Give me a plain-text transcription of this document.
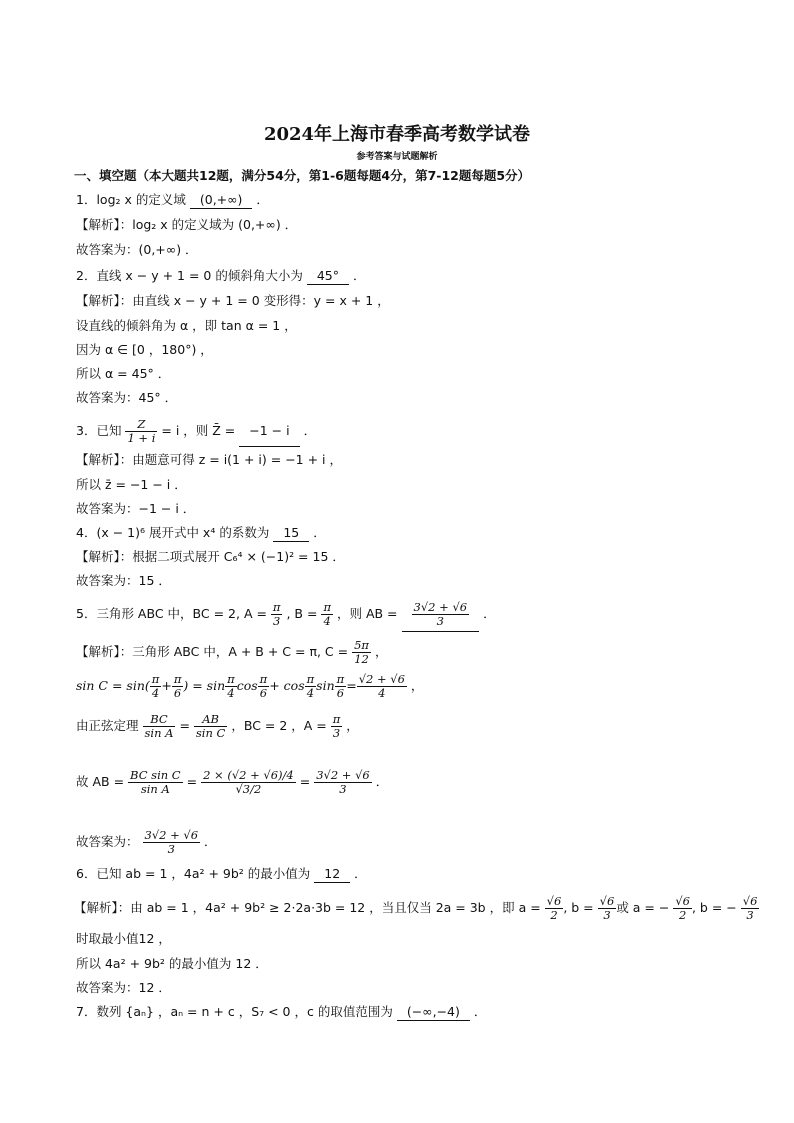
2024年上海市春季高考数学试卷
参考答案与试题解析
一、填空题（本大题共12题，满分54分，第1-6题每题4分，第7-12题每题5分）
1．log₂ x 的定义域 (0,+∞) ．
【解析】：log₂ x 的定义域为 (0,+∞) ．
故答案为：(0,+∞) ．
2．直线 x − y + 1 = 0 的倾斜角大小为 45° ．
【解析】：由直线 x − y + 1 = 0 变形得：y = x + 1 ，
设直线的倾斜角为 α ，即 tan α = 1 ，
因为 α ∈ [0 ，180°) ，
所以 α = 45° ．
故答案为：45° ．
3．已知 $\frac{Z}{1 + i} = i$ ，则 Z̄ = −1 − i ．
【解析】：由题意可得 z = i(1 + i) = −1 + i ，
所以 z̄ = −1 − i ．
故答案为：−1 − i ．
4．(x − 1)⁶ 展开式中 x⁴ 的系数为 15 ．
【解析】：根据二项式展开 C₆⁴ × (−1)² = 15 ．
故答案为：15 ．
5．三角形 ABC 中，BC = 2, $A = \frac{\pi}{3}$ , $B = \frac{\pi}{4}$ ，则 AB = $\frac{3√2 + √6}{3}$ ．
【解析】：三角形 ABC 中，A + B + C = π, $C = \frac{5\pi}{12}$ ，
$\sin C = \sin( \frac{\pi}{4} + \frac{\pi}{6}$ ) = $\sin \frac{\pi}{4}$ $\cos \frac{\pi}{6} + \cos \frac{\pi}{4}$ $\sin \frac{\pi}{6} = \frac{√2 + √6}{4}$ ，
由正弦定理 $\frac{BC}{\text{sin A}} = \frac{AB}{\text{sin C}}$ ，BC = 2 ，$A = \frac{\pi}{3}$ ，
故 AB = $\frac{\text{BC sin C}}{\text{sin A}} = \frac{2 \times (√2 + √6)/4}{√3/2} = \frac{3√2 + √6}{3}$ ．
故答案为： $\frac{3√2 + √6}{3}$ ．
6．已知 ab = 1 ，4a² + 9b² 的最小值为 12 ．
【解析】：由 ab = 1 ，4a² + 9b² ≥ 2·2a·3b = 12 ，当且仅当 2a = 3b ，即 $a = \frac{√6}{2}$ , $b = \frac{√6}{3}$ 或 a = − $\frac{√6}{2}$ , b = − $\frac{√6}{3}$
时取最小值12 ，
所以 4a² + 9b² 的最小值为 12 ．
故答案为：12 ．
7．数列 {aₙ} ，aₙ = n + c ，S₇ < 0 ，c 的取值范围为 (−∞,−4) ．
